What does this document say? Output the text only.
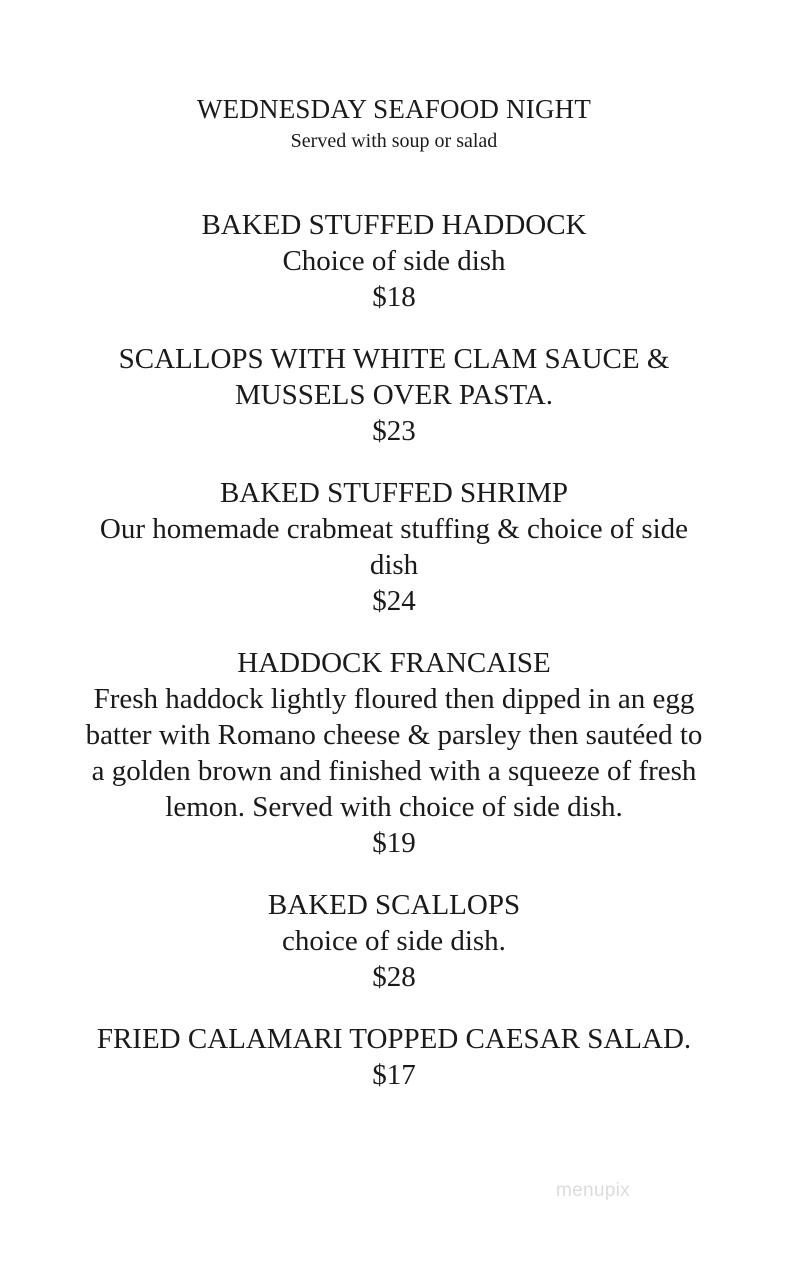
WEDNESDAY SEAFOOD NIGHT
Served with soup or salad
BAKED STUFFED HADDOCK
Choice of side dish
$18
SCALLOPS WITH WHITE CLAM SAUCE & MUSSELS OVER PASTA.
$23
BAKED STUFFED SHRIMP
Our homemade crabmeat stuffing & choice of side dish
$24
HADDOCK FRANCAISE
Fresh haddock lightly floured then dipped in an egg batter with Romano cheese & parsley then sautéed to a golden brown and finished with a squeeze of fresh lemon. Served with choice of side dish.
$19
BAKED SCALLOPS
choice of side dish.
$28
FRIED CALAMARI TOPPED CAESAR SALAD.
$17
menupix
